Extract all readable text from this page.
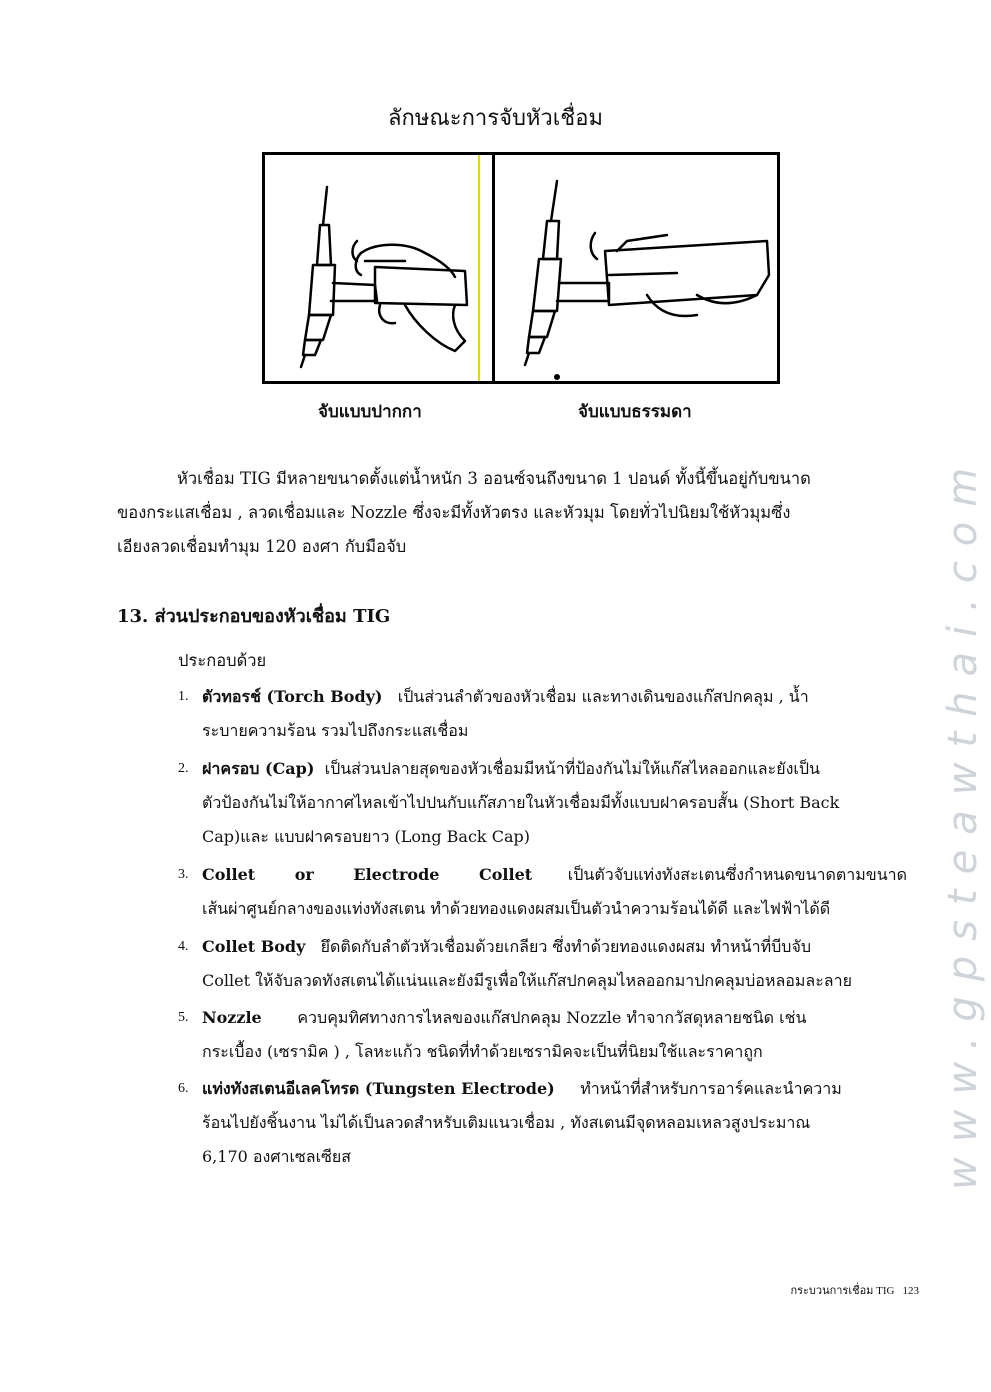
ลักษณะการจับหัวเชื่อม
จับแบบปากกา	จับแบบธรรมดา
หัวเชื่อม TIG มีหลายขนาดตั้งแต่น้ำหนัก 3 ออนซ์จนถึงขนาด 1 ปอนด์ ทั้งนี้ขึ้นอยู่กับขนาด
ของกระแสเชื่อม , ลวดเชื่อมและ Nozzle ซึ่งจะมีทั้งหัวตรง และหัวมุม โดยทั่วไปนิยมใช้หัวมุมซึ่ง
เอียงลวดเชื่อมทำมุม 120 องศา กับมือจับ
13. ส่วนประกอบของหัวเชื่อม TIG
ประกอบด้วย
1. ตัวทอรช์ (Torch Body) เป็นส่วนลำตัวของหัวเชื่อม และทางเดินของแก๊สปกคลุม , น้ำ
ระบายความร้อน รวมไปถึงกระแสเชื่อม
2. ฝาครอบ (Cap) เป็นส่วนปลายสุดของหัวเชื่อมมีหน้าที่ป้องกันไม่ให้แก๊สไหลออกและยังเป็น
ตัวป้องกันไม่ให้อากาศไหลเข้าไปปนกับแก๊สภายในหัวเชื่อมมีทั้งแบบฝาครอบสั้น (Short Back
Cap)และ แบบฝาครอบยาว (Long Back Cap)
3. Collet or Electrode Collet เป็นตัวจับแท่งทังสะเตนซึ่งกำหนดขนาดตามขนาด
เส้นผ่าศูนย์กลางของแท่งทังสเตน ทำด้วยทองแดงผสมเป็นตัวนำความร้อนได้ดี และไฟฟ้าได้ดี
4. Collet Body ยึดติดกับลำตัวหัวเชื่อมด้วยเกลียว ซึ่งทำด้วยทองแดงผสม ทำหน้าที่บีบจับ
Collet ให้จับลวดทังสเตนได้แน่นและยังมีรูเพื่อให้แก๊สปกคลุมไหลออกมาปกคลุมบ่อหลอมละลาย
5. Nozzle ควบคุมทิศทางการไหลของแก๊สปกคลุม Nozzle ทำจากวัสดุหลายชนิด เช่น
กระเบื้อง (เซรามิค ) , โลหะแก้ว ชนิดที่ทำด้วยเซรามิคจะเป็นที่นิยมใช้และราคาถูก
6. แท่งทังสเตนอีเลคโทรด (Tungsten Electrode) ทำหน้าที่สำหรับการอาร์คและนำความ
ร้อนไปยังชิ้นงาน ไม่ได้เป็นลวดสำหรับเติมแนวเชื่อม , ทังสเตนมีจุดหลอมเหลวสูงประมาณ
6,170 องศาเซลเซียส
กระบวนการเชื่อม TIG 123
www.gpsteawthai.com
